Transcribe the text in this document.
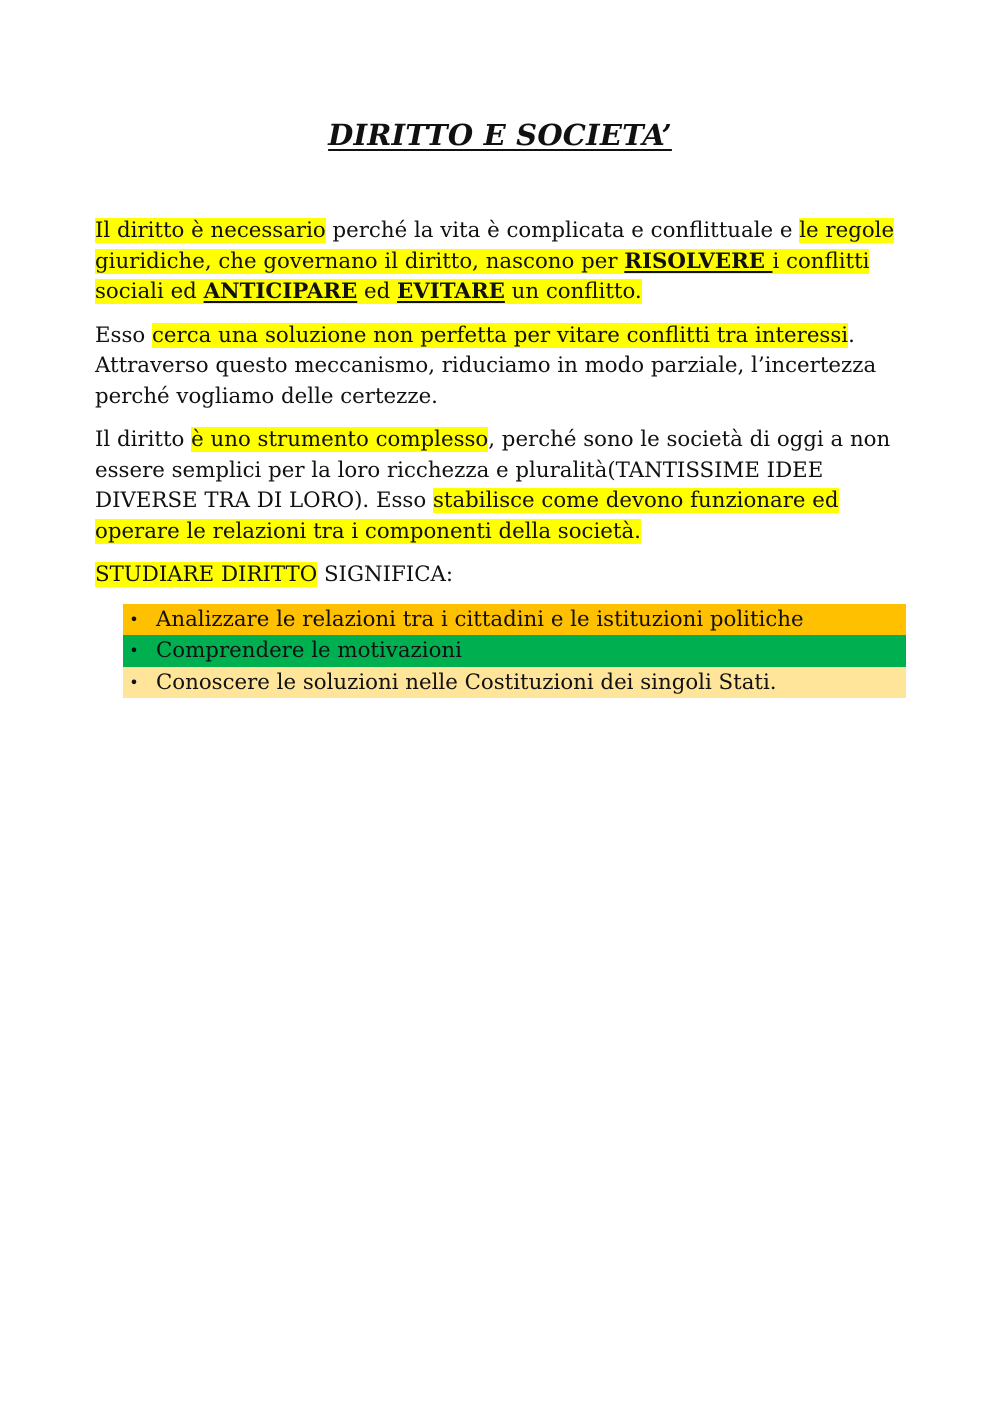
DIRITTO E SOCIETA’

Il diritto è necessario perché la vita è complicata e conflittuale e le regole giuridiche, che governano il diritto, nascono per RISOLVERE i conflitti sociali ed ANTICIPARE ed EVITARE un conflitto.

Esso cerca una soluzione non perfetta per vitare conflitti tra interessi. Attraverso questo meccanismo, riduciamo in modo parziale, l’incertezza perché vogliamo delle certezze.

Il diritto è uno strumento complesso, perché sono le società di oggi a non essere semplici per la loro ricchezza e pluralità(TANTISSIME IDEE DIVERSE TRA DI LORO). Esso stabilisce come devono funzionare ed operare le relazioni tra i componenti della società.

STUDIARE DIRITTO SIGNIFICA:

• Analizzare le relazioni tra i cittadini e le istituzioni politiche
• Comprendere le motivazioni
• Conoscere le soluzioni nelle Costituzioni dei singoli Stati.
